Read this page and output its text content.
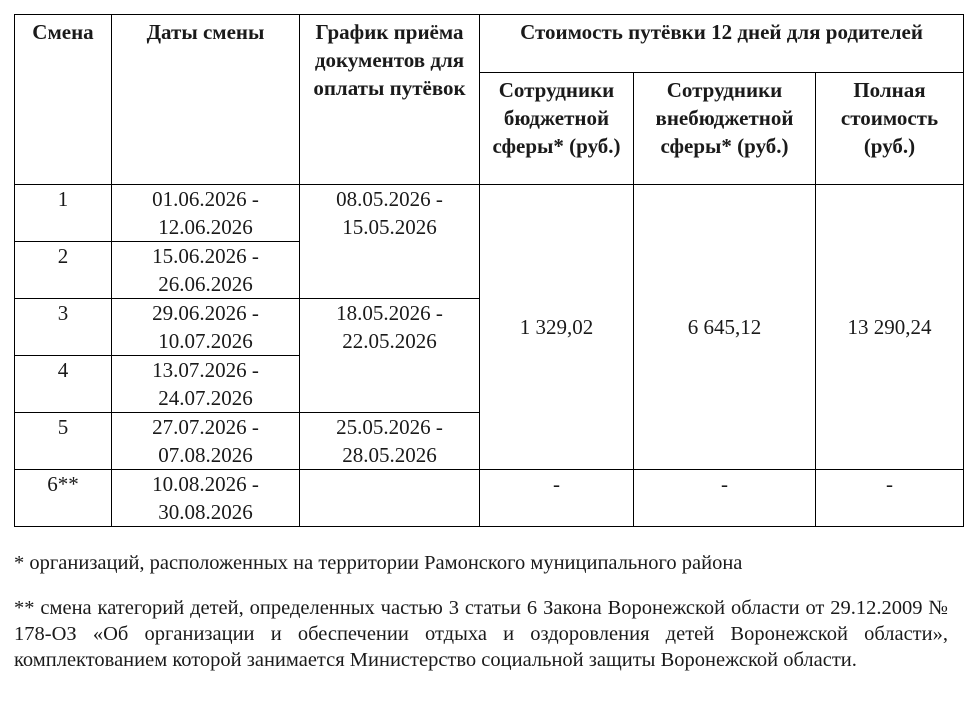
Смена	Даты смены	График приёма документов для оплаты путёвок	Стоимость путёвки 12 дней для родителей		
			Сотрудники бюджетной сферы* (руб.)	Сотрудники внебюджетной сферы* (руб.)	Полная стоимость (руб.)
1	01.06.2026 - 12.06.2026	08.05.2026 - 15.05.2026	1 329,02	6 645,12	13 290,24
2	15.06.2026 - 26.06.2026				
3	29.06.2026 - 10.07.2026	18.05.2026 - 22.05.2026			
4	13.07.2026 - 24.07.2026				
5	27.07.2026 - 07.08.2026	25.05.2026 - 28.05.2026			
6**	10.08.2026 - 30.08.2026		-	-	-
* организаций, расположенных на территории Рамонского муниципального района
** смена категорий детей, определенных частью 3 статьи 6 Закона Воронежской области от 29.12.2009 № 178-ОЗ «Об организации и обеспечении отдыха и оздоровления детей Воронежской области», комплектованием которой занимается Министерство социальной защиты Воронежской области.
